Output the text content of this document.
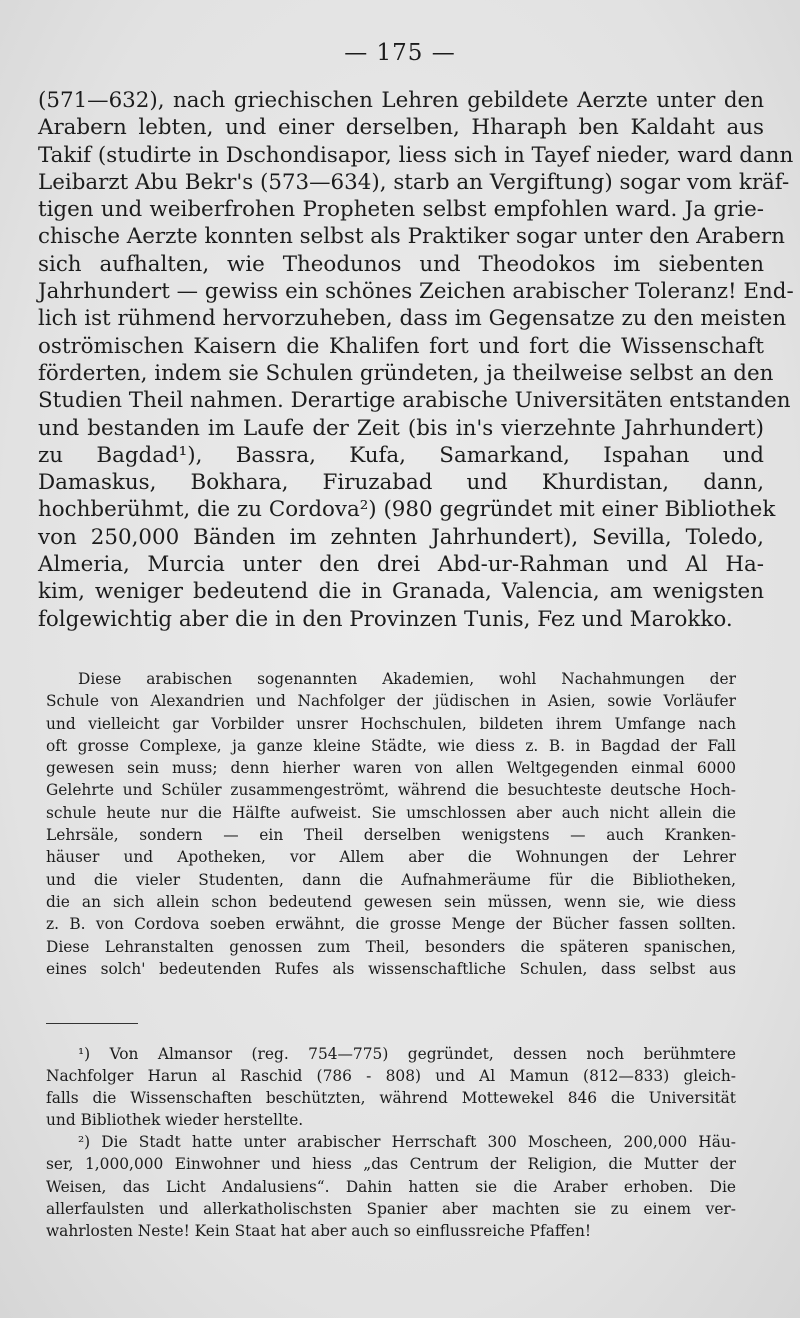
— 175 —
(571—632), nach griechischen Lehren gebildete Aerzte unter den
Arabern lebten, und einer derselben, Hharaph ben Kaldaht aus
Takif (studirte in Dschondisapor, liess sich in Tayef nieder, ward dann
Leibarzt Abu Bekr's (573—634), starb an Vergiftung) sogar vom kräf-
tigen und weiberfrohen Propheten selbst empfohlen ward. Ja grie-
chische Aerzte konnten selbst als Praktiker sogar unter den Arabern
sich aufhalten, wie Theodunos und Theodokos im siebenten
Jahrhundert — gewiss ein schönes Zeichen arabischer Toleranz! End-
lich ist rühmend hervorzuheben, dass im Gegensatze zu den meisten
oströmischen Kaisern die Khalifen fort und fort die Wissenschaft
förderten, indem sie Schulen gründeten, ja theilweise selbst an den
Studien Theil nahmen. Derartige arabische Universitäten entstanden
und bestanden im Laufe der Zeit (bis in's vierzehnte Jahrhundert)
zu Bagdad¹), Bassra, Kufa, Samarkand, Ispahan und
Damaskus, Bokhara, Firuzabad und Khurdistan, dann,
hochberühmt, die zu Cordova²) (980 gegründet mit einer Bibliothek
von 250,000 Bänden im zehnten Jahrhundert), Sevilla, Toledo,
Almeria, Murcia unter den drei Abd-ur-Rahman und Al Ha-
kim, weniger bedeutend die in Granada, Valencia, am wenigsten
folgewichtig aber die in den Provinzen Tunis, Fez und Marokko.
Diese arabischen sogenannten Akademien, wohl Nachahmungen der
Schule von Alexandrien und Nachfolger der jüdischen in Asien, sowie Vorläufer
und vielleicht gar Vorbilder unsrer Hochschulen, bildeten ihrem Umfange nach
oft grosse Complexe, ja ganze kleine Städte, wie diess z. B. in Bagdad der Fall
gewesen sein muss; denn hierher waren von allen Weltgegenden einmal 6000
Gelehrte und Schüler zusammengeströmt, während die besuchteste deutsche Hoch-
schule heute nur die Hälfte aufweist. Sie umschlossen aber auch nicht allein die
Lehrsäle, sondern — ein Theil derselben wenigstens — auch Kranken-
häuser und Apotheken, vor Allem aber die Wohnungen der Lehrer
und die vieler Studenten, dann die Aufnahmeräume für die Bibliotheken,
die an sich allein schon bedeutend gewesen sein müssen, wenn sie, wie diess
z. B. von Cordova soeben erwähnt, die grosse Menge der Bücher fassen sollten.
Diese Lehranstalten genossen zum Theil, besonders die späteren spanischen,
eines solch' bedeutenden Rufes als wissenschaftliche Schulen, dass selbst aus
¹) Von Almansor (reg. 754—775) gegründet, dessen noch berühmtere
Nachfolger Harun al Raschid (786 - 808) und Al Mamun (812—833) gleich-
falls die Wissenschaften beschützten, während Mottewekel 846 die Universität
und Bibliothek wieder herstellte.
²) Die Stadt hatte unter arabischer Herrschaft 300 Moscheen, 200,000 Häu-
ser, 1,000,000 Einwohner und hiess „das Centrum der Religion, die Mutter der
Weisen, das Licht Andalusiens“. Dahin hatten sie die Araber erhoben. Die
allerfaulsten und allerkatholischsten Spanier aber machten sie zu einem ver-
wahrlosten Neste! Kein Staat hat aber auch so einflussreiche Pfaffen!
